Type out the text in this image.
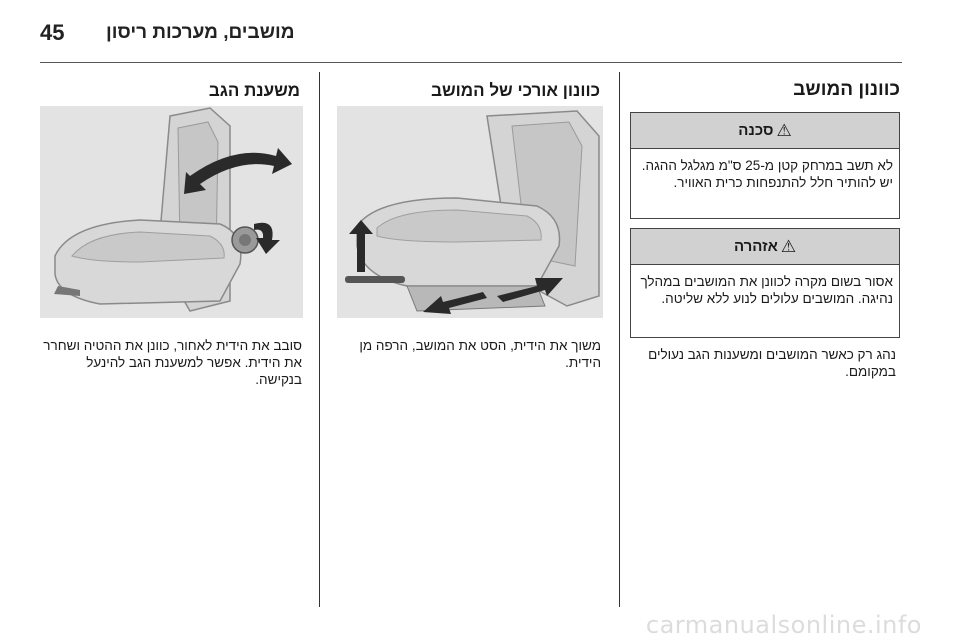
45 מושבים, מערכות ריסון
כוונון המושב
⚠
סכנה
לא תשב במרחק קטן מ-25 ס"מ מגלגל ההגה. יש להותיר חלל להתנפחות כרית האוויר.
⚠
אזהרה
אסור בשום מקרה לכוונן את המושבים במהלך נהיגה. המושבים עלולים לנוע ללא שליטה.
נהג רק כאשר המושבים ומשענות הגב נעולים במקומם.
כוונון אורכי של המושב
משוך את הידית, הסט את המושב, הרפה מן הידית.
משענת הגב
סובב את הידית לאחור, כוונן את ההטיה ושחרר את הידית. אפשר למשענת הגב להינעל בנקישה.
carmanualsonline.info
